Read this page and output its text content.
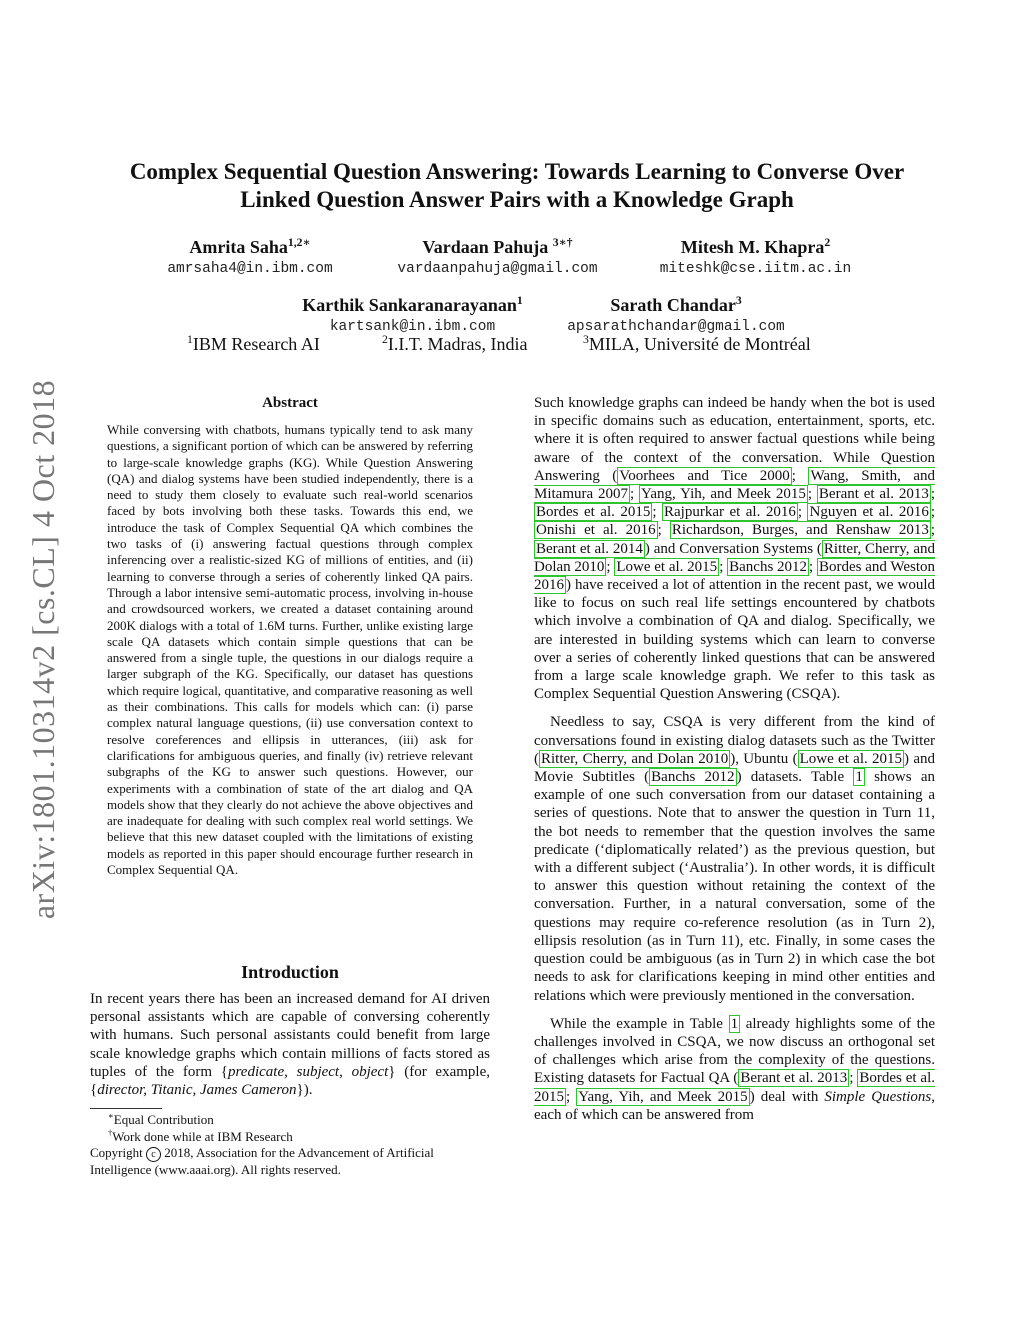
arXiv:1801.10314v2 [cs.CL] 4 Oct 2018
Complex Sequential Question Answering: Towards Learning to Converse Over
Linked Question Answer Pairs with a Knowledge Graph
Amrita Saha$^{1,2∗}$
amrsaha4@in.ibm.com
Vardaan Pahuja $^{3∗\dagger}$
vardaanpahuja@gmail.com
Mitesh M. Khapra$^2$
miteshk@cse.iitm.ac.in
Karthik Sankaranarayanan$^1$
kartsank@in.ibm.com
Sarath Chandar$^3$
apsarathchandar@gmail.com
$^1$IBM Research AI	$^2$I.I.T. Madras, India	$^3$MILA, Université de Montréal
Abstract
While conversing with chatbots, humans typically tend to ask many questions, a significant portion of which can be answered by referring to large-scale knowledge graphs (KG). While Question Answering (QA) and dialog systems have been studied independently, there is a need to study them closely to evaluate such real-world scenarios faced by bots involving both these tasks. Towards this end, we introduce the task of Complex Sequential QA which combines the two tasks of (i) answering factual questions through complex inferencing over a realistic-sized KG of millions of entities, and (ii) learning to converse through a series of coherently linked QA pairs. Through a labor intensive semi-automatic process, involving in-house and crowdsourced workers, we created a dataset containing around 200K dialogs with a total of 1.6M turns. Further, unlike existing large scale QA datasets which contain simple questions that can be answered from a single tuple, the questions in our dialogs require a larger subgraph of the KG. Specifically, our dataset has questions which require logical, quantitative, and comparative reasoning as well as their combinations. This calls for models which can: (i) parse complex natural language questions, (ii) use conversation context to resolve coreferences and ellipsis in utterances, (iii) ask for clarifications for ambiguous queries, and finally (iv) retrieve relevant subgraphs of the KG to answer such questions. However, our experiments with a combination of state of the art dialog and QA models show that they clearly do not achieve the above objectives and are inadequate for dealing with such complex real world settings. We believe that this new dataset coupled with the limitations of existing models as reported in this paper should encourage further research in Complex Sequential QA.
Introduction
In recent years there has been an increased demand for AI driven personal assistants which are capable of conversing coherently with humans. Such personal assistants could benefit from large scale knowledge graphs which contain millions of facts stored as tuples of the form {predicate, subject, object} (for example, {director, Titanic, James Cameron}).
∗Equal Contribution
†Work done while at IBM Research
Copyright c 2018, Association for the Advancement of Artificial Intelligence (www.aaai.org). All rights reserved.

Such knowledge graphs can indeed be handy when the bot is used in specific domains such as education, entertainment, sports, etc. where it is often required to answer factual questions while being aware of the context of the conversation. While Question Answering ( Voorhees and Tice 2000 ; Wang, Smith, and Mitamura 2007 ; Yang, Yih, and Meek 2015 ; Berant et al. 2013 ; Bordes et al. 2015 ; Rajpurkar et al. 2016 ; Nguyen et al. 2016 ; Onishi et al. 2016 ; Richardson, Burges, and Renshaw 2013 ; Berant et al. 2014 ) and Conversation Systems ( Ritter, Cherry, and Dolan 2010 ; Lowe et al. 2015 ; Banchs 2012 ; Bordes and Weston 2016 ) have received a lot of attention in the recent past, we would like to focus on such real life settings encountered by chatbots which involve a combination of QA and dialog. Specifically, we are interested in building systems which can learn to converse over a series of coherently linked questions that can be answered from a large scale knowledge graph. We refer to this task as Complex Sequential Question Answering (CSQA).

Needless to say, CSQA is very different from the kind of conversations found in existing dialog datasets such as the Twitter ( Ritter, Cherry, and Dolan 2010 ), Ubuntu ( Lowe et al. 2015 ) and Movie Subtitles ( Banchs 2012 ) datasets. Table 1 shows an example of one such conversation from our dataset containing a series of questions. Note that to answer the question in Turn 11, the bot needs to remember that the question involves the same predicate (‘diplomatically related’) as the previous question, but with a different subject (‘Australia’). In other words, it is difficult to answer this question without retaining the context of the conversation. Further, in a natural conversation, some of the questions may require co-reference resolution (as in Turn 2), ellipsis resolution (as in Turn 11), etc. Finally, in some cases the question could be ambiguous (as in Turn 2) in which case the bot needs to ask for clarifications keeping in mind other entities and relations which were previously mentioned in the conversation.

While the example in Table 1 already highlights some of the challenges involved in CSQA, we now discuss an orthogonal set of challenges which arise from the complexity of the questions. Existing datasets for Factual QA ( Berant et al. 2013 ; Bordes et al. 2015 ; Yang, Yih, and Meek 2015 ) deal with Simple Questions, each of which can be answered from
